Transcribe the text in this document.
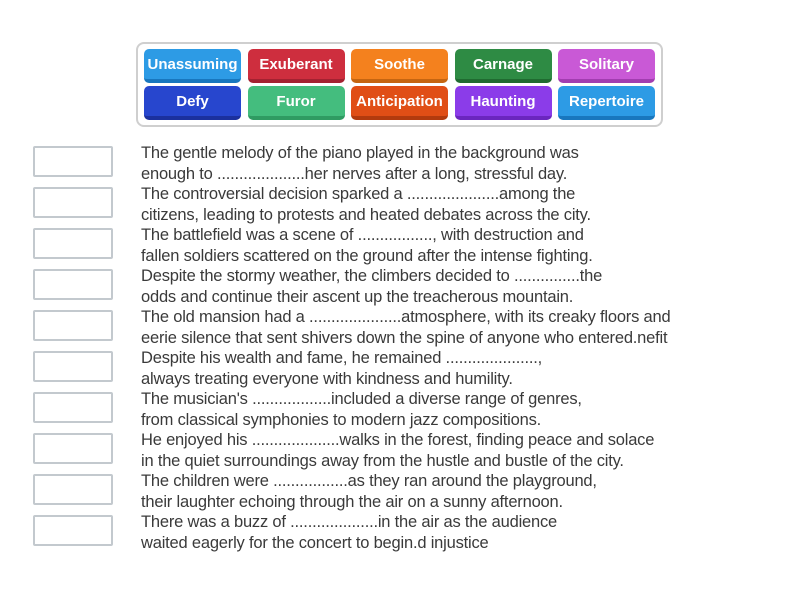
Unassuming	Exuberant	Soothe	Carnage	Solitary
Defy	Furor	Anticipation	Haunting	Repertoire
The gentle melody of the piano played in the background was
enough to ....................her nerves after a long, stressful day.
The controversial decision sparked a .....................among the
citizens, leading to protests and heated debates across the city.
The battlefield was a scene of ................., with destruction and
fallen soldiers scattered on the ground after the intense fighting.
Despite the stormy weather, the climbers decided to ...............the
odds and continue their ascent up the treacherous mountain.
The old mansion had a .....................atmosphere, with its creaky floors and
eerie silence that sent shivers down the spine of anyone who entered.nefit
Despite his wealth and fame, he remained .....................,
always treating everyone with kindness and humility.
The musician's ..................included a diverse range of genres,
from classical symphonies to modern jazz compositions.
He enjoyed his ....................walks in the forest, finding peace and solace
in the quiet surroundings away from the hustle and bustle of the city.
The children were .................as they ran around the playground,
their laughter echoing through the air on a sunny afternoon.
There was a buzz of ....................in the air as the audience
waited eagerly for the concert to begin.d injustice
